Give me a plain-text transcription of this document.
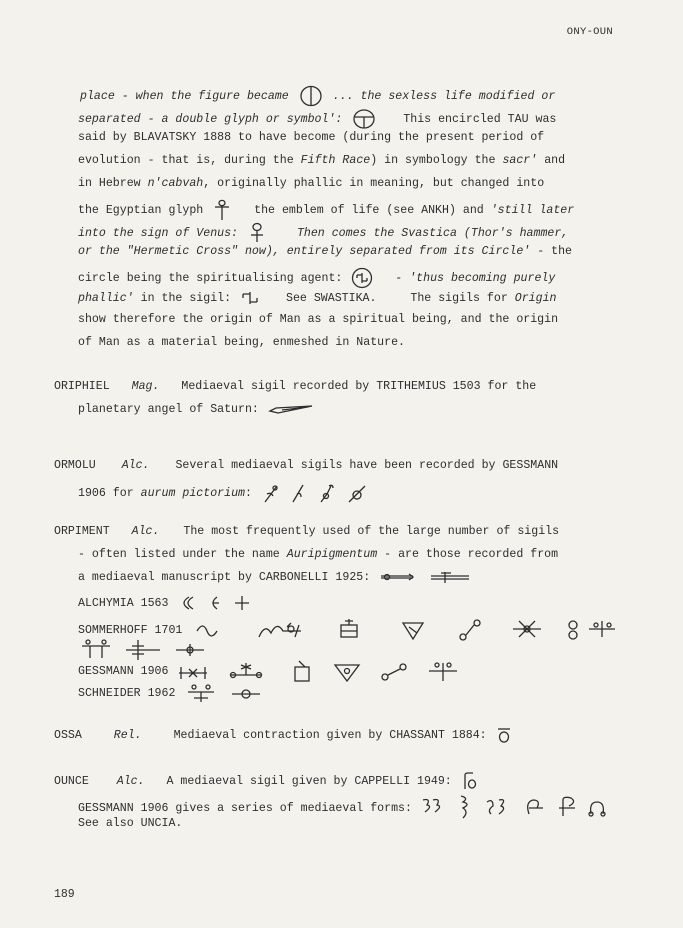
ONY-OUN
place - when the figure became	... the sexless life modified or
separated - a double glyph or symbol':	This encircled TAU was
said by BLAVATSKY 1888 to have become (during the present period of
evolution - that is, during the Fifth Race) in symbology the sacr' and
in Hebrew n'cabvah, originally phallic in meaning, but changed into
the Egyptian glyph	the emblem of life (see ANKH) and 'still later
into the sign of Venus:	Then comes the Svastica (Thor's hammer,
or the "Hermetic Cross" now), entirely separated from its Circle' - the
circle being the spiritualising agent:	- 'thus becoming purely
phallic' in the sigil:	See SWASTIKA.	The sigils for Origin
show therefore the origin of Man as a spiritual being, and the origin
of Man as a material being, enmeshed in Nature.
ORIPHIEL Mag. Mediaeval sigil recorded by TRITHEMIUS 1503 for the
planetary angel of Saturn:
ORMOLU Alc. Several mediaeval sigils have been recorded by GESSMANN
1906 for aurum pictorium:
ORPIMENT Alc. The most frequently used of the large number of sigils
- often listed under the name Auripigmentum - are those recorded from
a mediaeval manuscript by CARBONELLI 1925:
ALCHYMIA 1563
SOMMERHOFF 1701
GESSMANN 1906
SCHNEIDER 1962
OSSA	Rel.	Mediaeval contraction given by CHASSANT 1884:
OUNCE Alc. A mediaeval sigil given by CAPPELLI 1949:
GESSMANN 1906 gives a series of mediaeval forms:
See also UNCIA.
189
